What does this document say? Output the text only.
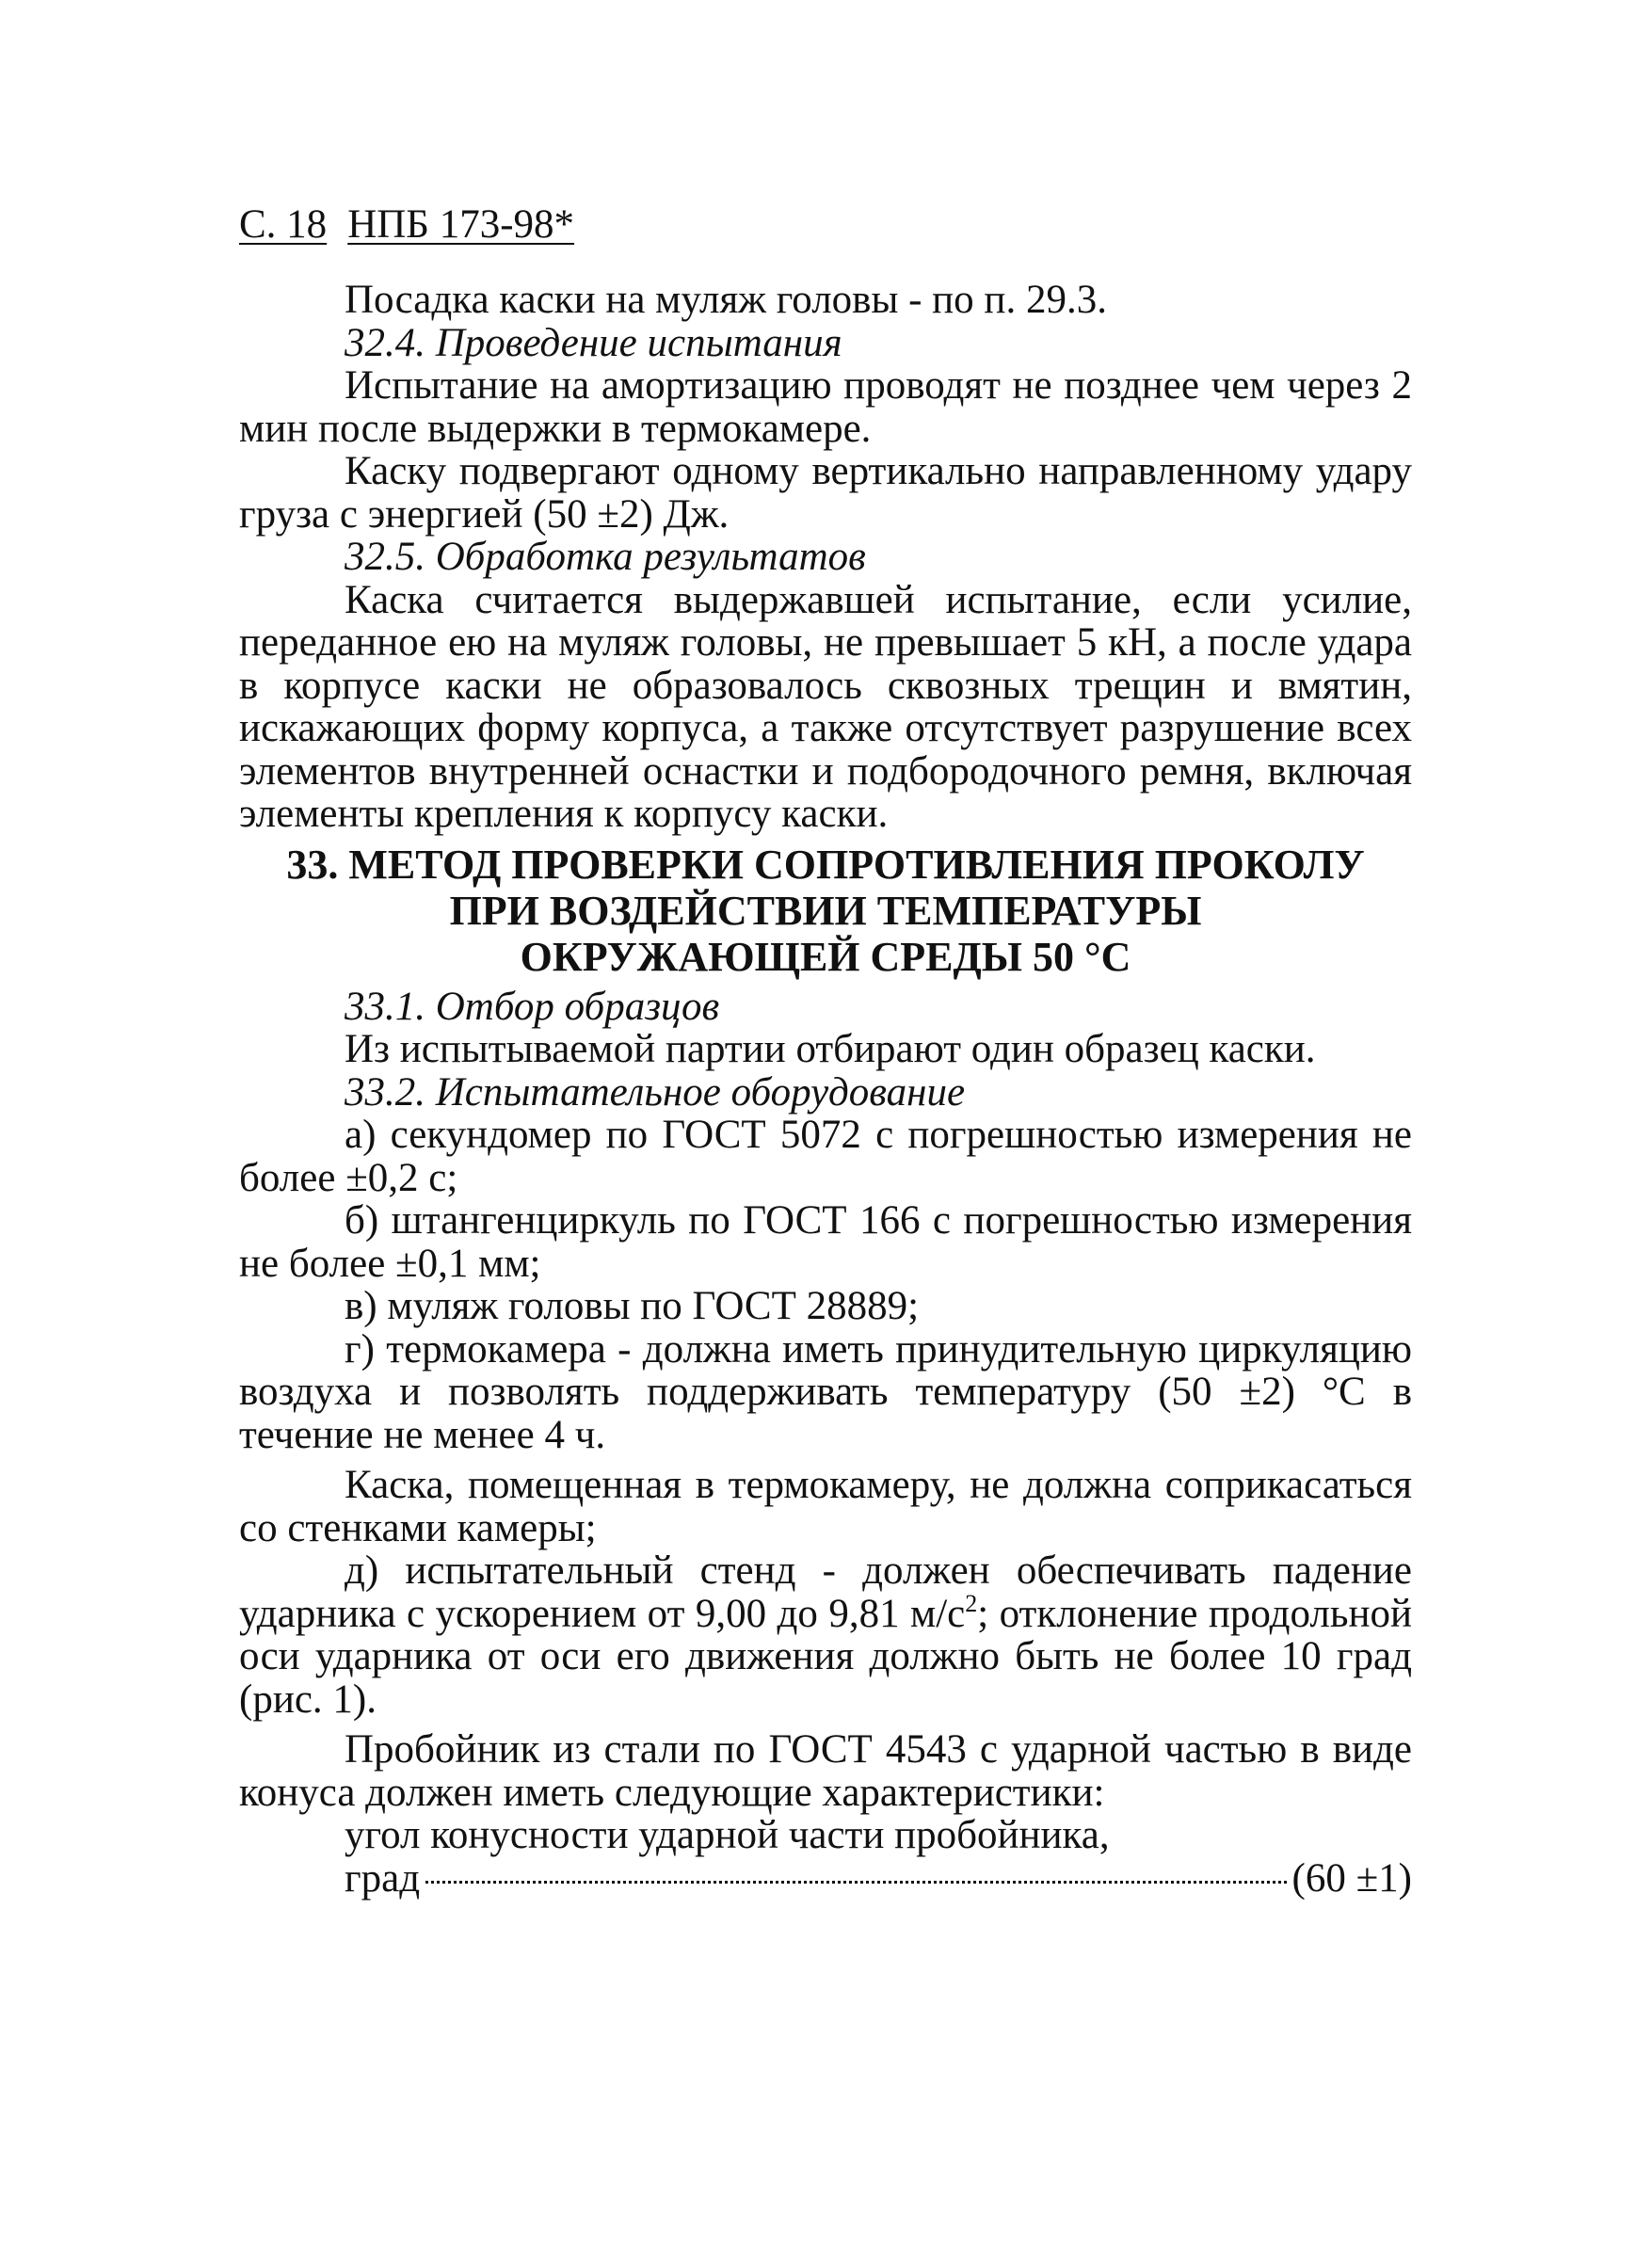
С. 18 НПБ 173-98*

Посадка каски на муляж головы - по п. 29.3.

32.4. Проведение испытания

Испытание на амортизацию проводят не позднее чем через 2 мин после выдержки в термокамере.

Каску подвергают одному вертикально направленному удару груза с энергией (50 ±2) Дж.

32.5. Обработка результатов

Каска считается выдержавшей испытание, если усилие, переданное ею на муляж головы, не превышает 5 кН, а после удара в корпусе каски не образовалось сквозных трещин и вмятин, искажающих форму корпуса, а также отсутствует разрушение всех элементов внутренней оснастки и подбородочного ремня, включая элементы крепления к корпусу каски.

33. МЕТОД ПРОВЕРКИ СОПРОТИВЛЕНИЯ ПРОКОЛУ
ПРИ ВОЗДЕЙСТВИИ ТЕМПЕРАТУРЫ
ОКРУЖАЮЩЕЙ СРЕДЫ 50 °С

33.1. Отбор образцов

Из испытываемой партии отбирают один образец каски.

33.2. Испытательное оборудование

а) секундомер по ГОСТ 5072 с погрешностью измерения не более ±0,2 с;

б) штангенциркуль по ГОСТ 166 с погрешностью измерения не более ±0,1 мм;

в) муляж головы по ГОСТ 28889;

г) термокамера - должна иметь принудительную циркуляцию воздуха и позволять поддерживать температуру (50 ±2) °С в течение не менее 4 ч.

Каска, помещенная в термокамеру, не должна соприкасаться со стенками камеры;

д) испытательный стенд - должен обеспечивать падение ударника с ускорением от 9,00 до 9,81 $м/с^2$; отклонение продольной оси ударника от оси его движения должно быть не более 10 град (рис. 1).

Пробойник из стали по ГОСТ 4543 с ударной частью в виде конуса должен иметь следующие характеристики:

угол конусности ударной части пробойника,

град	(60 ±1)
